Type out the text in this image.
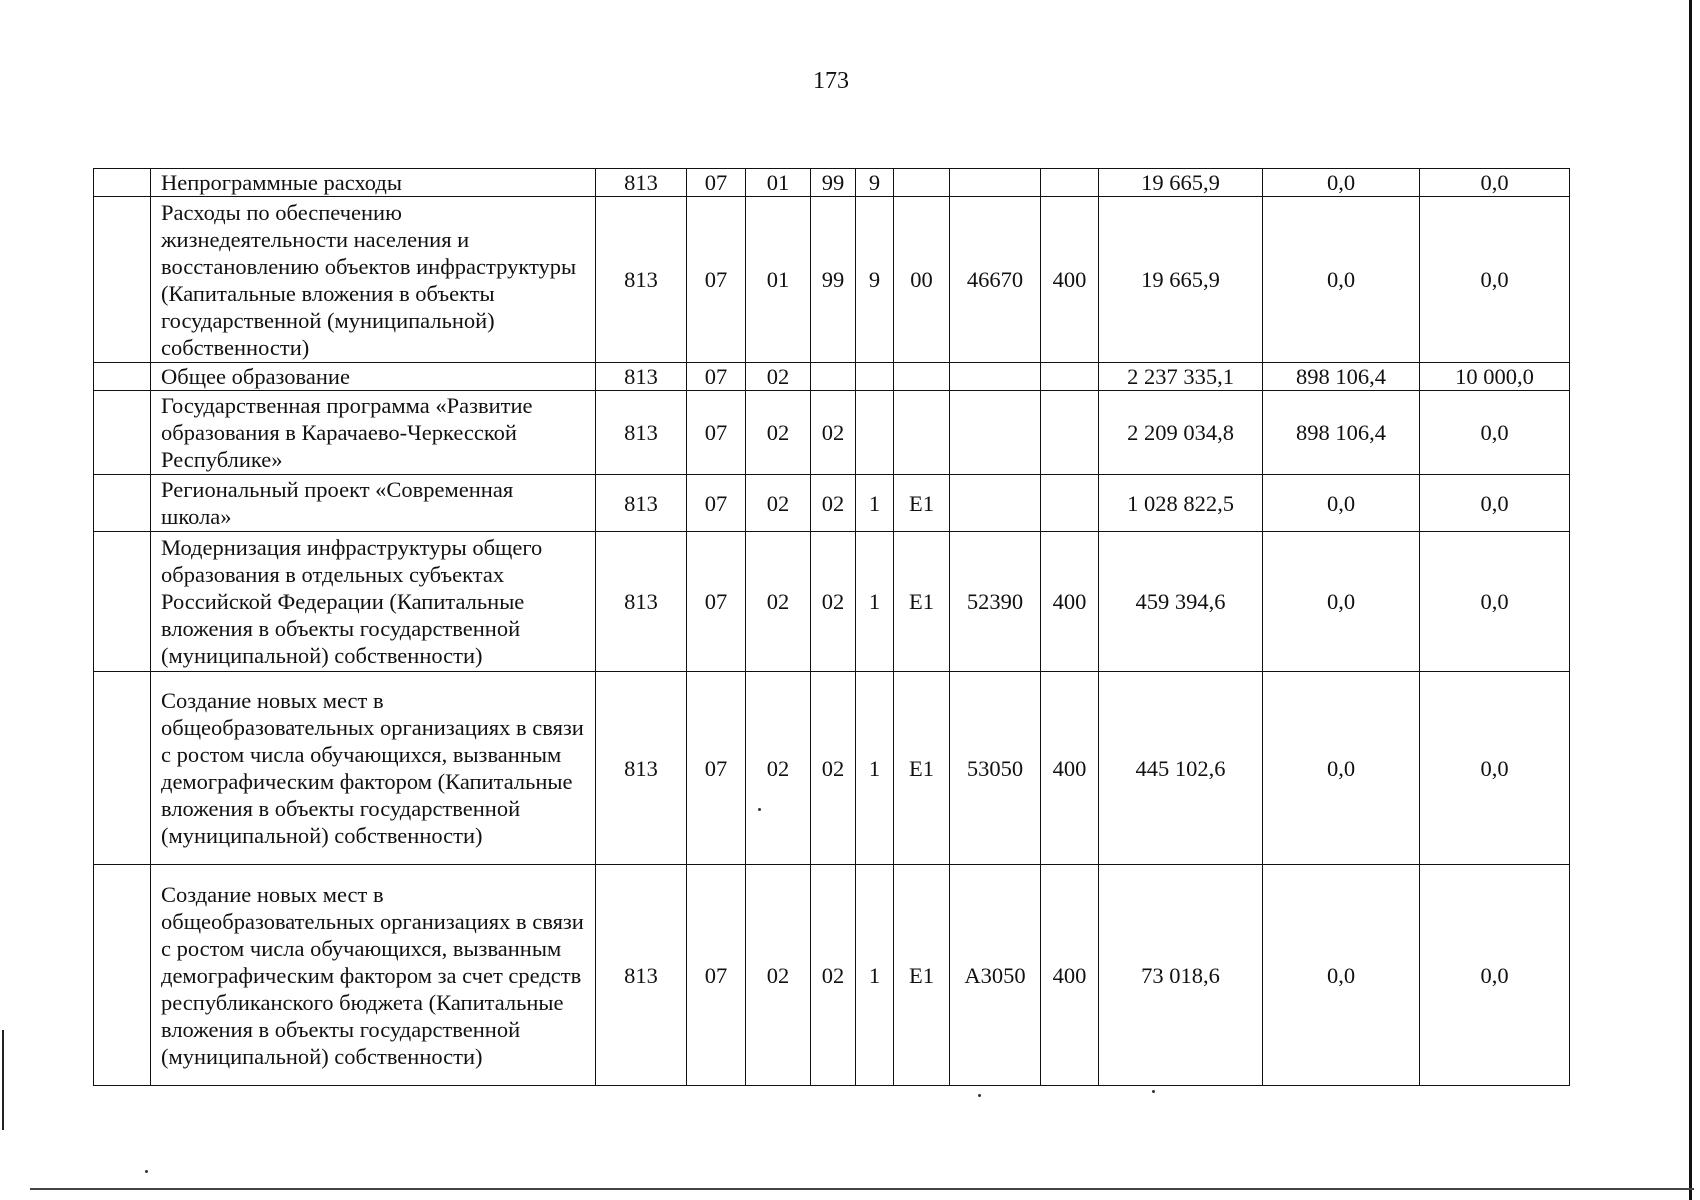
173
	Непрограммные расходы	813	07	01	99	9				19 665,9	0,0	0,0
	Расходы по обеспечению жизнедеятельности населения и восстановлению объектов инфраструктуры (Капитальные вложения в объекты государственной (муниципальной) собственности)	813	07	01	99	9	00	46670	400	19 665,9	0,0	0,0
	Общее образование	813	07	02						2 237 335,1	898 106,4	10 000,0
	Государственная программа «Развитие образования в Карачаево-Черкесской Республике»	813	07	02	02					2 209 034,8	898 106,4	0,0
	Региональный проект «Современная школа»	813	07	02	02	1	E1			1 028 822,5	0,0	0,0
	Модернизация инфраструктуры общего образования в отдельных субъектах Российской Федерации (Капитальные вложения в объекты государственной (муниципальной) собственности)	813	07	02	02	1	E1	52390	400	459 394,6	0,0	0,0
	Создание новых мест в общеобразовательных организациях в связи с ростом числа обучающихся, вызванным демографическим фактором (Капитальные вложения в объекты государственной (муниципальной) собственности)	813	07	02	02	1	E1	53050	400	445 102,6	0,0	0,0
	Создание новых мест в общеобразовательных организациях в связи с ростом числа обучающихся, вызванным демографическим фактором за счет средств республиканского бюджета (Капитальные вложения в объекты государственной (муниципальной) собственности)	813	07	02	02	1	E1	A3050	400	73 018,6	0,0	0,0
